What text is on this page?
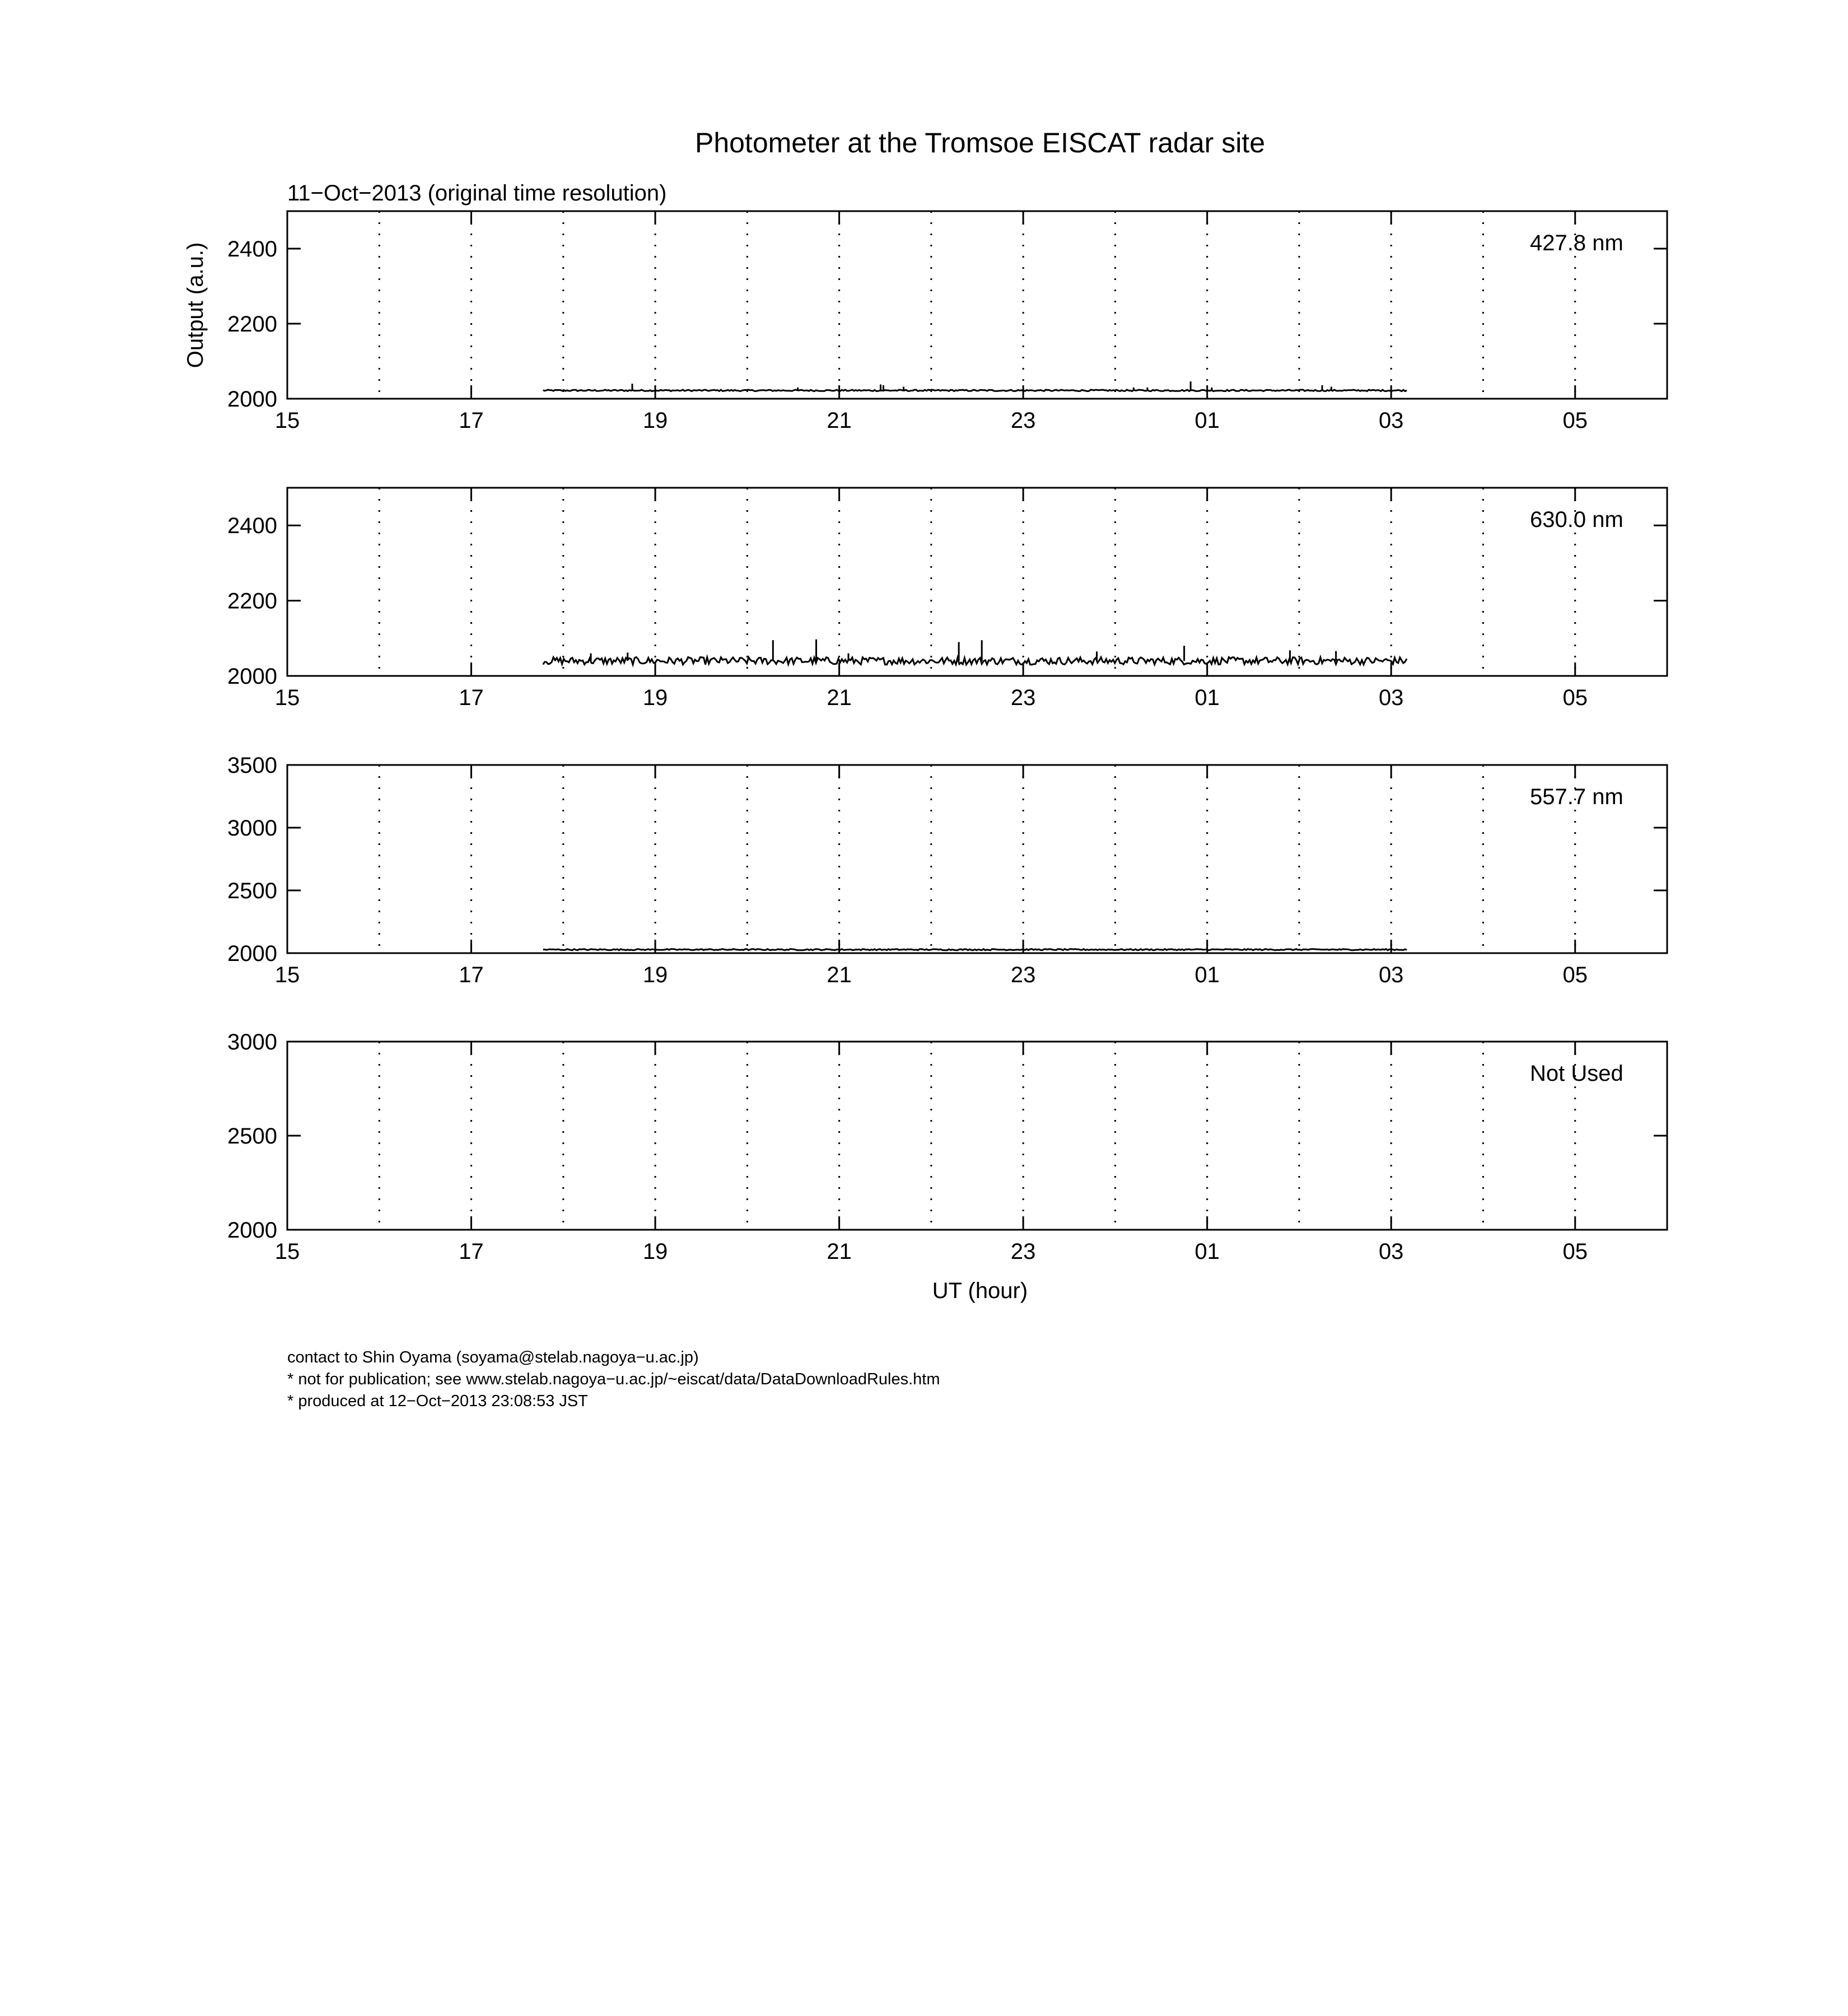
Photometer at the Tromsoe EISCAT radar site
11−Oct−2013 (original time resolution)
Output (a.u.)
UT (hour)
15	17	19	21	23	01	03	05
2000
2200
2400	427.8 nm
15	17	19	21	23	01	03	05
2000
2200
2400	630.0 nm
15	17	19	21	23	01	03	05
2000
2500
3000
3500
557.7 nm
15	17	19	21	23	01	03	05
2000
2500
3000
Not Used
contact to Shin Oyama (soyama@stelab.nagoya−u.ac.jp)
* not for publication; see www.stelab.nagoya−u.ac.jp/~eiscat/data/DataDownloadRules.htm
* produced at 12−Oct−2013 23:08:53 JST
